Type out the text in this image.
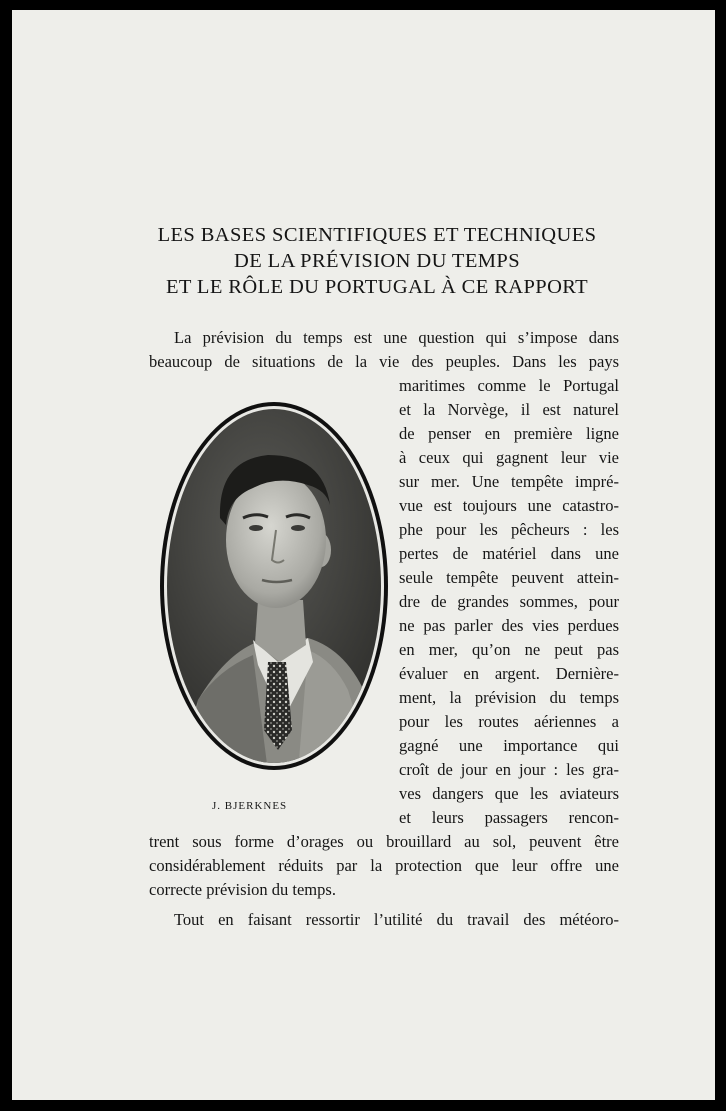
LES BASES SCIENTIFIQUES ET TECHNIQUES
DE LA PRÉVISION DU TEMPS
ET LE RÔLE DU PORTUGAL À CE RAPPORT
La prévision du temps est une question qui s’impose dans
beaucoup de situations de la vie des peuples. Dans les pays
maritimes comme le Portugal
et la Norvège, il est naturel
de penser en première ligne
à ceux qui gagnent leur vie
sur mer. Une tempête impré-
vue est toujours une catastro-
phe pour les pêcheurs : les
pertes de matériel dans une
seule tempête peuvent attein-
dre de grandes sommes, pour
ne pas parler des vies perdues
en mer, qu’on ne peut pas
évaluer en argent. Dernière-
ment, la prévision du temps
pour les routes aériennes a
gagné une importance qui
croît de jour en jour : les gra-
ves dangers que les aviateurs
et leurs passagers rencon-
trent sous forme d’orages ou brouillard au sol, peuvent être
considérablement réduits par la protection que leur offre une
correcte prévision du temps.
Tout en faisant ressortir l’utilité du travail des météoro-
J. BJERKNES
